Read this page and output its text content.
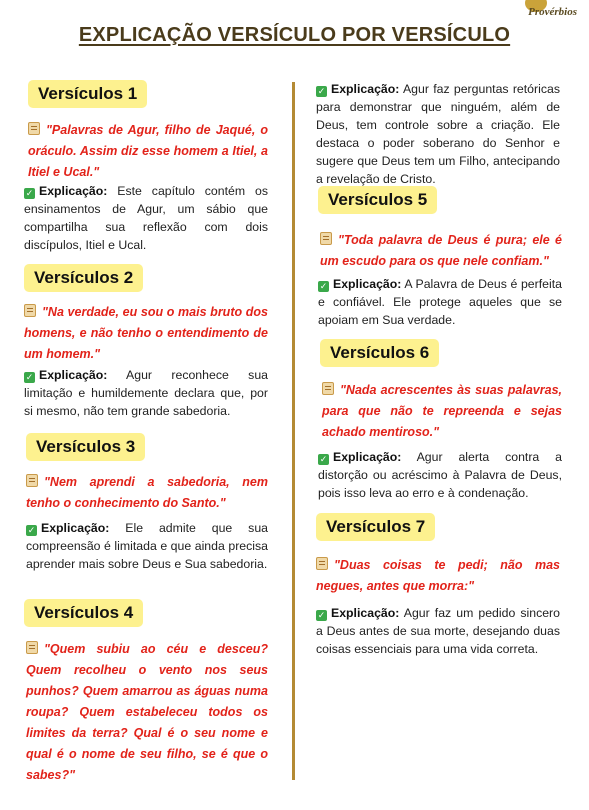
Provérbios
EXPLICAÇÃO VERSÍCULO POR VERSÍCULO
Versículos 1
"Palavras de Agur, filho de Jaqué, o oráculo. Assim diz esse homem a Itiel, a Itiel e Ucal."
✓ Explicação: Este capítulo contém os ensinamentos de Agur, um sábio que compartilha sua reflexão com dois discípulos, Itiel e Ucal.
Versículos 2
"Na verdade, eu sou o mais bruto dos homens, e não tenho o entendimento de um homem."
✓ Explicação: Agur reconhece sua limitação e humildemente declara que, por si mesmo, não tem grande sabedoria.
Versículos 3
"Nem aprendi a sabedoria, nem tenho o conhecimento do Santo."
✓ Explicação: Ele admite que sua compreensão é limitada e que ainda precisa aprender mais sobre Deus e Sua sabedoria.
Versículos 4
"Quem subiu ao céu e desceu? Quem recolheu o vento nos seus punhos? Quem amarrou as águas numa roupa? Quem estabeleceu todos os limites da terra? Qual é o seu nome e qual é o nome de seu filho, se é que o sabes?"
✓ Explicação: Agur faz perguntas retóricas para demonstrar que ninguém, além de Deus, tem controle sobre a criação. Ele destaca o poder soberano do Senhor e sugere que Deus tem um Filho, antecipando a revelação de Cristo.
Versículos 5
"Toda palavra de Deus é pura; ele é um escudo para os que nele confiam."
✓ Explicação: A Palavra de Deus é perfeita e confiável. Ele protege aqueles que se apoiam em Sua verdade.
Versículos 6
"Nada acrescentes às suas palavras, para que não te repreenda e sejas achado mentiroso."
✓ Explicação: Agur alerta contra a distorção ou acréscimo à Palavra de Deus, pois isso leva ao erro e à condenação.
Versículos 7
"Duas coisas te pedi; não mas negues, antes que morra:"
✓ Explicação: Agur faz um pedido sincero a Deus antes de sua morte, desejando duas coisas essenciais para uma vida correta.
